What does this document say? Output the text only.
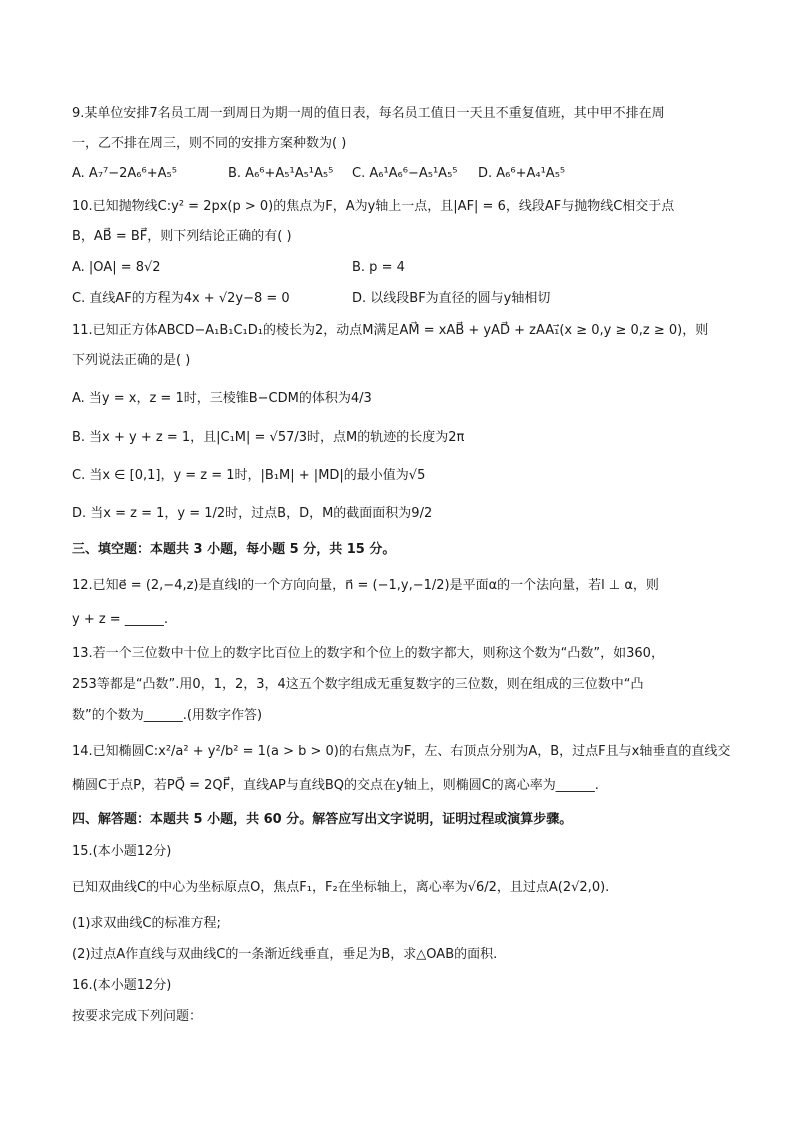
9.某单位安排7名员工周一到周日为期一周的值日表，每名员工值日一天且不重复值班，其中甲不排在周
一，乙不排在周三，则不同的安排方案种数为( )
A. A₇⁷−2A₆⁶+A₅⁵	B. A₆⁶+A₅¹A₅¹A₅⁵ C. A₆¹A₆⁶−A₅¹A₅⁵ D. A₆⁶+A₄¹A₅⁵
10.已知抛物线C:y² = 2px(p > 0)的焦点为F，A为y轴上一点，且|AF| = 6，线段AF与抛物线C相交于点
B，AB⃗ = BF⃗，则下列结论正确的有( )
A. |OA| = 8√2	B. p = 4
C. 直线AF的方程为4x + √2y−8 = 0	D. 以线段BF为直径的圆与y轴相切
11.已知正方体ABCD−A₁B₁C₁D₁的棱长为2，动点M满足AM⃗ = xAB⃗ + yAD⃗ + zAA₁⃗(x ≥ 0,y ≥ 0,z ≥ 0)，则
下列说法正确的是( )
A. 当y = x，z = 1时，三棱锥B−CDM的体积为4/3
B. 当x + y + z = 1，且|C₁M| = √57/3时，点M的轨迹的长度为2π
C. 当x ∈ [0,1]，y = z = 1时，|B₁M| + |MD|的最小值为√5
D. 当x = z = 1，y = 1/2时，过点B，D，M的截面面积为9/2
三、填空题：本题共 3 小题，每小题 5 分，共 15 分。
12.已知e⃗ = (2,−4,z)是直线l的一个方向向量，n⃗ = (−1,y,−1/2)是平面α的一个法向量，若l ⊥ α，则
y + z = ______.
13.若一个三位数中十位上的数字比百位上的数字和个位上的数字都大，则称这个数为“凸数”，如360，
253等都是“凸数”.用0，1，2，3，4这五个数字组成无重复数字的三位数，则在组成的三位数中“凸
数”的个数为______.(用数字作答)
14.已知椭圆C:x²/a² + y²/b² = 1(a > b > 0)的右焦点为F，左、右顶点分别为A，B，过点F且与x轴垂直的直线交
椭圆C于点P，若PQ⃗ = 2QF⃗，直线AP与直线BQ的交点在y轴上，则椭圆C的离心率为______.
四、解答题：本题共 5 小题，共 60 分。解答应写出文字说明，证明过程或演算步骤。
15.(本小题12分)
已知双曲线C的中心为坐标原点O，焦点F₁，F₂在坐标轴上，离心率为√6/2，且过点A(2√2,0).
(1)求双曲线C的标准方程;
(2)过点A作直线与双曲线C的一条渐近线垂直，垂足为B，求△OAB的面积.
16.(本小题12分)
按要求完成下列问题：
